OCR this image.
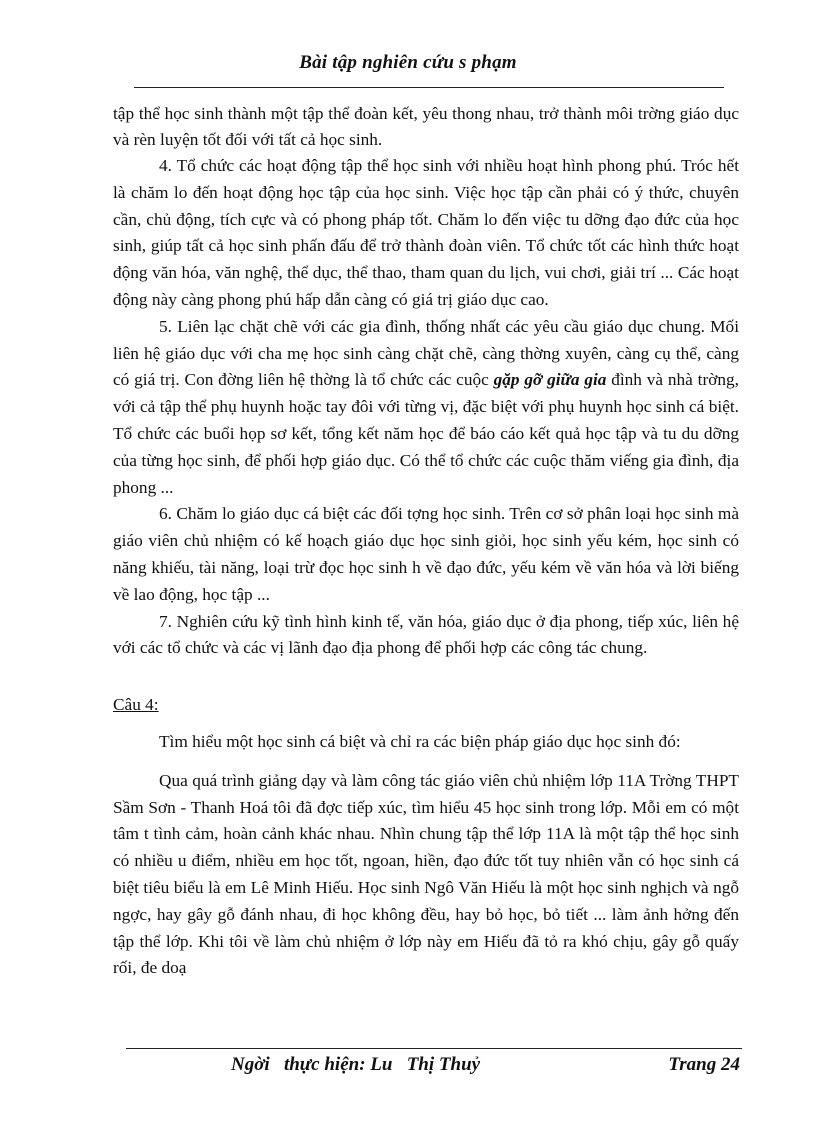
Bài tập nghiên cứu s phạm

tập thể học sinh thành một tập thể đoàn kết, yêu thong nhau, trở thành môi trờng giáo dục và rèn luyện tốt đối với tất cả học sinh.

4. Tổ chức các hoạt động tập thể học sinh với nhiều hoạt hình phong phú. Tróc hết là chăm lo đến hoạt động học tập của học sinh. Việc học tập cần phải có ý thức, chuyên cần, chủ động, tích cực và có phong pháp tốt. Chăm lo đến việc tu dỡng đạo đức của học sinh, giúp tất cả học sinh phấn đấu để trở thành đoàn viên. Tổ chức tốt các hình thức hoạt động văn hóa, văn nghệ, thể dục, thể thao, tham quan du lịch, vui chơi, giải trí ... Các hoạt động này càng phong phú hấp dẫn càng có giá trị giáo dục cao.

5. Liên lạc chặt chẽ với các gia đình, thống nhất các yêu cầu giáo dục chung. Mối liên hệ giáo dục với cha mẹ học sinh càng chặt chẽ, càng thờng xuyên, càng cụ thể, càng có giá trị. Con đờng liên hệ thờng là tổ chức các cuộc gặp gỡ giữa gia đình và nhà trờng, với cả tập thể phụ huynh hoặc tay đôi với từng vị, đặc biệt với phụ huynh học sinh cá biệt. Tổ chức các buổi họp sơ kết, tổng kết năm học để báo cáo kết quả học tập và tu du dỡng của từng học sinh, để phối hợp giáo dục. Có thể tổ chức các cuộc thăm viếng gia đình, địa phong ...

6. Chăm lo giáo dục cá biệt các đối tợng học sinh. Trên cơ sở phân loại học sinh mà giáo viên chủ nhiệm có kế hoạch giáo dục học sinh giỏi, học sinh yếu kém, học sinh có năng khiếu, tài năng, loại trừ đọc học sinh h về đạo đức, yếu kém về văn hóa và lời biếng về lao động, học tập ...

7. Nghiên cứu kỹ tình hình kinh tế, văn hóa, giáo dục ở địa phong, tiếp xúc, liên hệ với các tổ chức và các vị lãnh đạo địa phong để phối hợp các công tác chung.

Câu 4:

Tìm hiểu một học sinh cá biệt và chỉ ra các biện pháp giáo dục học sinh đó:

Qua quá trình giảng dạy và làm công tác giáo viên chủ nhiệm lớp 11A Trờng THPT Sầm Sơn - Thanh Hoá tôi đã đợc tiếp xúc, tìm hiểu 45 học sinh trong lớp. Mỗi em có một tâm t tình cảm, hoàn cảnh khác nhau. Nhìn chung tập thể lớp 11A là một tập thể học sinh có nhiều u điểm, nhiều em học tốt, ngoan, hiền, đạo đức tốt tuy nhiên vẫn có học sinh cá biệt tiêu biểu là em Lê Minh Hiếu. Học sinh Ngô Văn Hiếu là một học sinh nghịch và ngỗ ngợc, hay gây gỗ đánh nhau, đi học không đều, hay bỏ học, bỏ tiết ... làm ảnh hởng đến tập thể lớp. Khi tôi về làm chủ nhiệm ở lớp này em Hiếu đã tỏ ra khó chịu, gây gỗ quấy rối, đe doạ

Ngời   thực hiện: Lu   Thị Thuỷ	Trang 24
